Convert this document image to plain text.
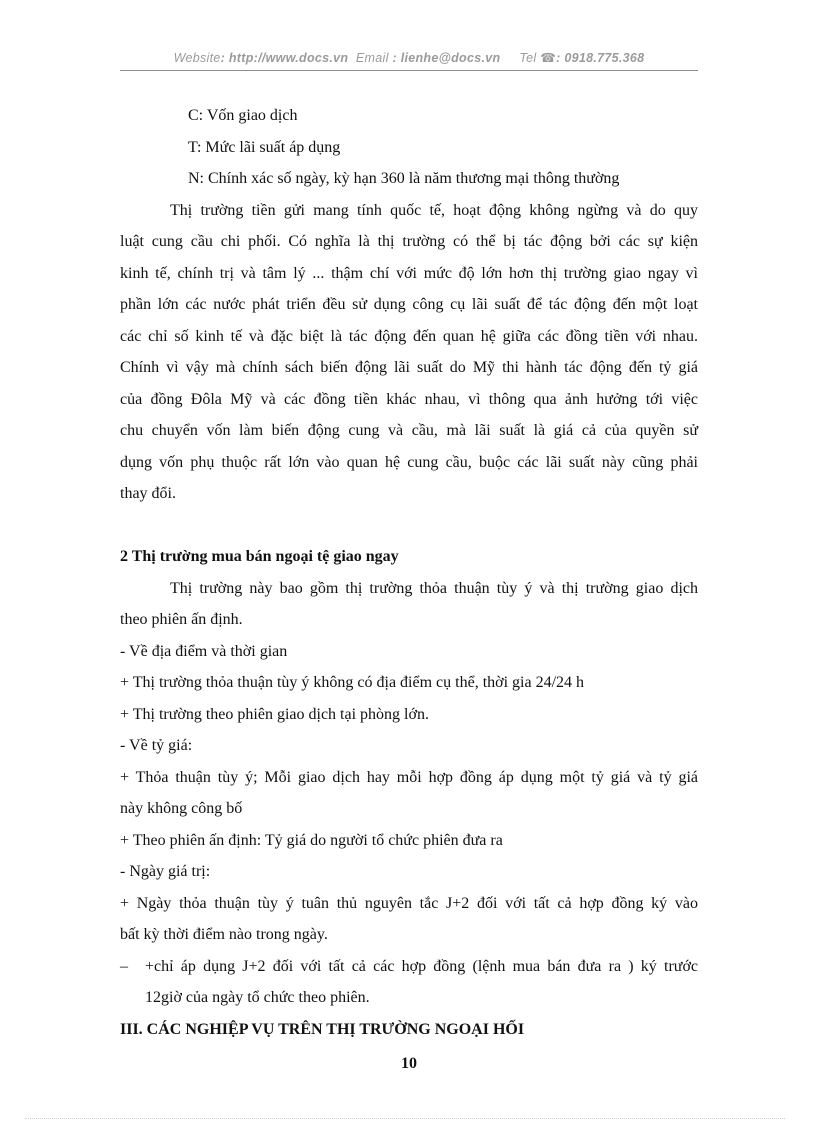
Website: http://www.docs.vn Email : lienhe@docs.vn Tel ☎: 0918.775.368
C: Vốn giao dịch
T: Mức lãi suất áp dụng
N: Chính xác số ngày, kỳ hạn 360 là năm thương mại thông thường
Thị trường tiền gửi mang tính quốc tế, hoạt động không ngừng và do quy
luật cung cầu chi phối. Có nghĩa là thị trường có thể bị tác động bởi các sự kiện
kinh tế, chính trị và tâm lý ... thậm chí với mức độ lớn hơn thị trường giao ngay vì
phần lớn các nước phát triển đều sử dụng công cụ lãi suất để tác động đến một loạt
các chỉ số kinh tế và đặc biệt là tác động đến quan hệ giữa các đồng tiền với nhau.
Chính vì vậy mà chính sách biến động lãi suất do Mỹ thi hành tác động đến tỷ giá
của đồng Đôla Mỹ và các đồng tiền khác nhau, vì thông qua ảnh hưởng tới việc
chu chuyển vốn làm biến động cung và cầu, mà lãi suất là giá cả của quyền sử
dụng vốn phụ thuộc rất lớn vào quan hệ cung cầu, buộc các lãi suất này cũng phải
thay đổi.
2 Thị trường mua bán ngoại tệ giao ngay
Thị trường này bao gồm thị trường thỏa thuận tùy ý và thị trường giao dịch
theo phiên ấn định.
- Về địa điểm và thời gian
+ Thị trường thỏa thuận tùy ý không có địa điểm cụ thể, thời gia 24/24 h
+ Thị trường theo phiên giao dịch tại phòng lớn.
- Về tỷ giá:
+ Thỏa thuận tùy ý; Mỗi giao dịch hay mỗi hợp đồng áp dụng một tỷ giá và tỷ giá
này không công bố
+ Theo phiên ấn định: Tỷ giá do người tổ chức phiên đưa ra
- Ngày giá trị:
+ Ngày thỏa thuận tùy ý tuân thủ nguyên tắc J+2 đối với tất cả hợp đồng ký vào
bất kỳ thời điểm nào trong ngày.
–	+chỉ áp dụng J+2 đối với tất cả các hợp đồng (lệnh mua bán đưa ra ) ký trước
12giờ của ngày tổ chức theo phiên.
III. CÁC NGHIỆP VỤ TRÊN THỊ TRƯỜNG NGOẠI HỐI
10
